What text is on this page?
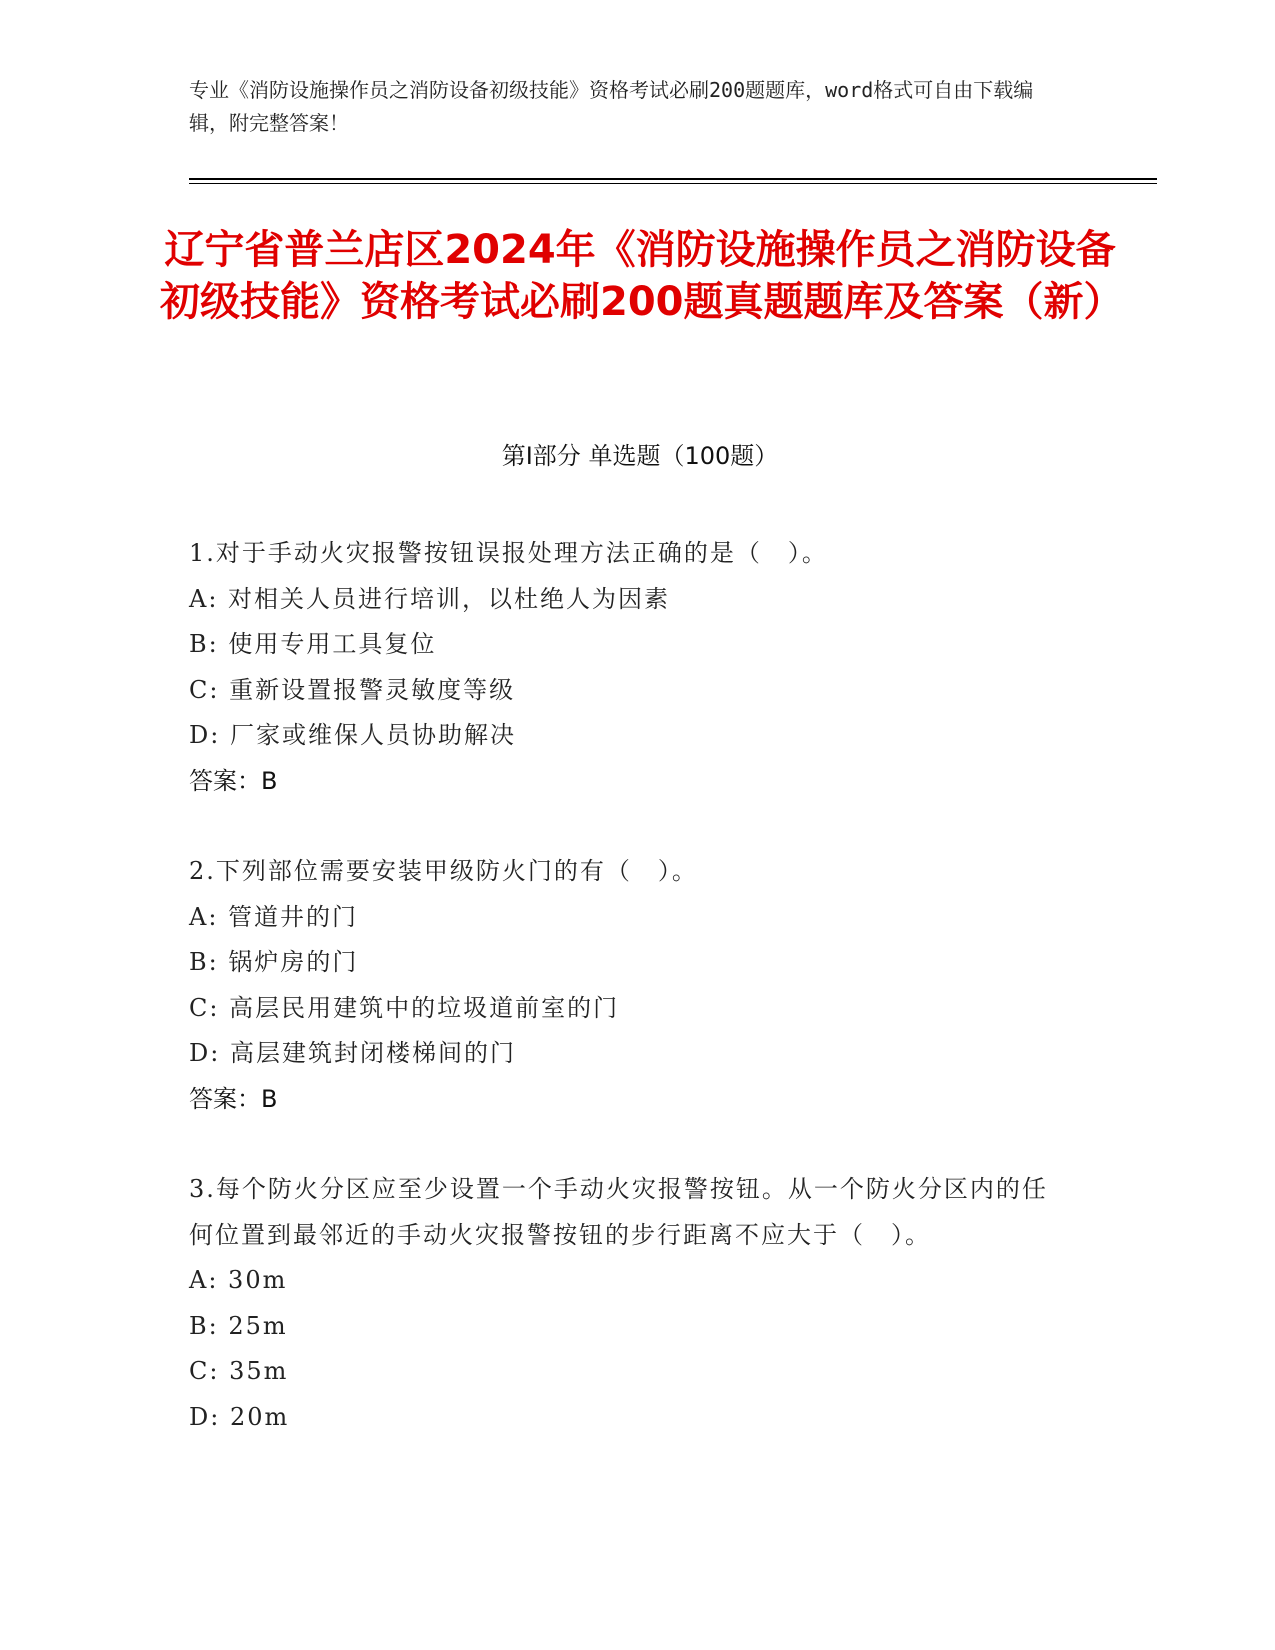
专业《消防设施操作员之消防设备初级技能》资格考试必刷200题题库，word格式可自由下载编辑，附完整答案！
辽宁省普兰店区2024年《消防设施操作员之消防设备初级技能》资格考试必刷200题真题题库及答案（新）
第Ⅰ部分 单选题（100题）
1.对于手动火灾报警按钮误报处理方法正确的是（　）。
A: 对相关人员进行培训，以杜绝人为因素
B: 使用专用工具复位
C: 重新设置报警灵敏度等级
D: 厂家或维保人员协助解决
答案：B
2.下列部位需要安装甲级防火门的有（　）。
A: 管道井的门
B: 锅炉房的门
C: 高层民用建筑中的垃圾道前室的门
D: 高层建筑封闭楼梯间的门
答案：B
3.每个防火分区应至少设置一个手动火灾报警按钮。从一个防火分区内的任何位置到最邻近的手动火灾报警按钮的步行距离不应大于（　）。
A: 30m
B: 25m
C: 35m
D: 20m
